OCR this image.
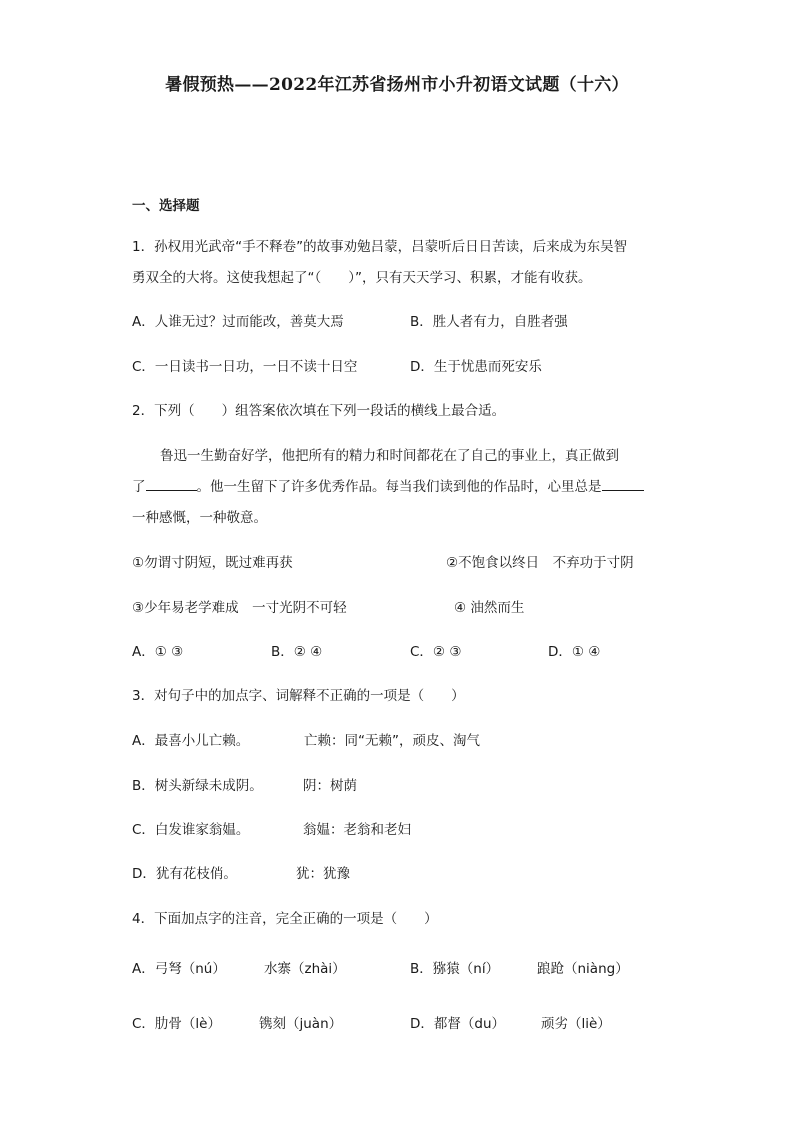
暑假预热——2022年江苏省扬州市小升初语文试题（十六）
一、选择题
1．孙权用光武帝“手不释卷”的故事劝勉吕蒙，吕蒙听后日日苦读，后来成为东吴智
勇双全的大将。这使我想起了“（　　）”，只有天天学习、积累，才能有收获。
A．人谁无过？过而能改，善莫大焉	B．胜人者有力，自胜者强
C．一日读书一日功，一日不读十日空	D．生于忧患而死安乐
2．下列（　　）组答案依次填在下列一段话的横线上最合适。
鲁迅一生勤奋好学，他把所有的精力和时间都花在了自己的事业上，真正做到
了	。他一生留下了许多优秀作品。每当我们读到他的作品时，心里总是
一种感慨，一种敬意。
①勿谓寸阴短，既过难再获	②不饱食以终日　不弃功于寸阴
③少年易老学难成　一寸光阴不可轻	④ 油然而生
A．① ③	B．② ④	C．② ③	D．① ④
3．对句子中的加点字、词解释不正确的一项是（　　）
A．最喜小儿亡赖。	亡赖：同“无赖”，顽皮、淘气
B．树头新绿未成阴。	阴：树荫
C．白发谁家翁媪。	翁媪：老翁和老妇
D．犹有花枝俏。	犹：犹豫
4．下面加点字的注音，完全正确的一项是（　　）
A．弓弩（nú）	水寨（zhài）	B．猕猿（ní）	踉跄（niàng）
C．肋骨（lè）	镌刻（juàn）	D．都督（du）	顽劣（liè）
